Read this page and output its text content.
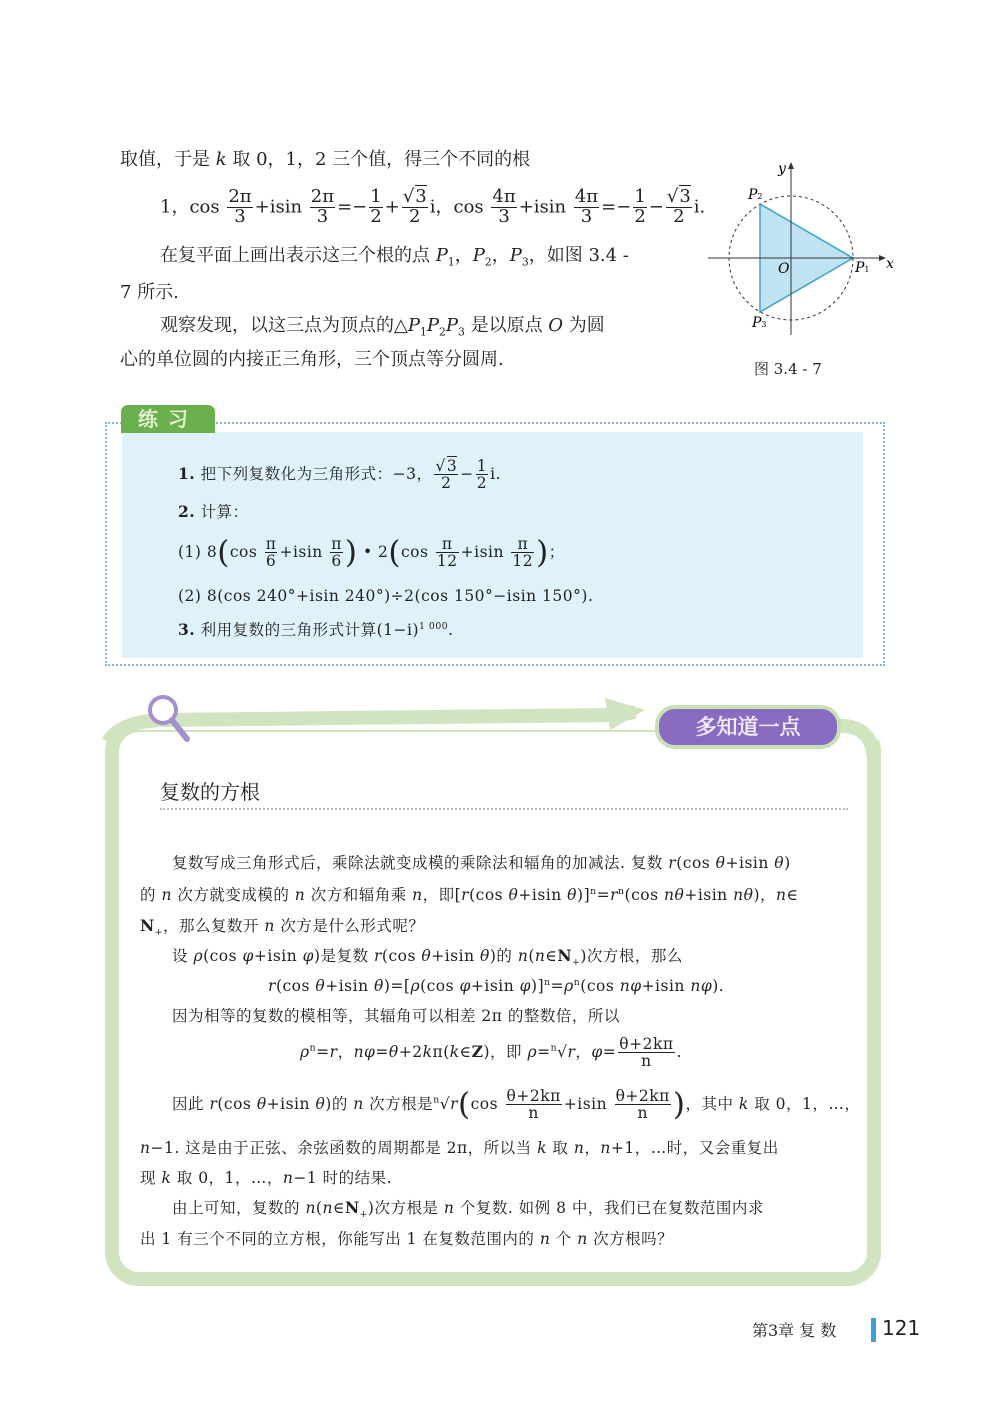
取值，于是 k 取 0，1，2 三个值，得三个不同的根
1，$\cos \frac{2\pi}{3} +isin \frac{2\pi}{3} =- \frac{1}{2} + \frac{√3}{2}$ i，$\cos \frac{4\pi}{3} +isin \frac{4\pi}{3} =- \frac{1}{2} - \frac{√3}{2} i$.
在复平面上画出表示这三个根的点 $P_1$，$P_2$，$P_3$，如图 3.4 -
7 所示.
观察发现，以这三点为顶点的$\triangle P_1P_2P_3$ 是以原点 O 为圆
心的单位圆的内接正三角形，三个顶点等分圆周.
y
x
O	P1
P2
P3
图 3.4 - 7
练习
1. 把下列复数化为三角形式：−3， $\frac{√3}{2} - \frac{1}{2} i$.
2. 计算：
(1) $8(\cos \frac{\pi}{6} +isin \frac{\pi}{6}$ ) • $2(\cos \frac{\pi}{12} +isin \frac{\pi}{12}$ )；
(2) 8(cos 240°+isin 240°)÷2(cos 150°−isin 150°).
3. 利用复数的三角形式计算$(1-i)^{1 000}$.
多知道一点
复数的方根
　　复数写成三角形式后，乘除法就变成模的乘除法和辐角的加减法. 复数 r(cos θ+isin θ)
的 n 次方就变成模的 n 次方和辐角乘 n，即[r(cos θ+isin $\theta)]^n=r^n(\cos$ nθ+isin nθ)，n∈
$N_+$，那么复数开 n 次方是什么形式呢？
　　设 ρ(cos φ+isin φ)是复数 r(cos θ+isin θ)的 $n(n\in N_+)$次方根，那么
　　　　　　　　r(cos θ+isin θ)=[ρ(cos φ+isin $\varphi)]^n=\rho^n(\cos$ nφ+isin nφ).
　　因为相等的复数的模相等，其辐角可以相差 2π 的整数倍，所以
　　　　　　　　　　$\rho^n=r$，nφ=θ+2kπ(k∈Z)，即 ρ=$^n$√r，$\varphi= \frac{\theta+2k\pi}{n}$ .
　　因此 r(cos θ+isin θ)的 n 次方根是$^n√r(\cos \frac{\theta+2k\pi}{n} +isin \frac{\theta+2k\pi}{n}$ )，其中 k 取 0，1，…，
n−1. 这是由于正弦、余弦函数的周期都是 2π，所以当 k 取 n，n+1，…时，又会重复出
现 k 取 0，1，…，n−1 时的结果.
　　由上可知，复数的 $n(n\in N_+)$次方根是 n 个复数. 如例 8 中，我们已在复数范围内求
出 1 有三个不同的立方根，你能写出 1 在复数范围内的 n 个 n 次方根吗？
第3章 复 数 121
